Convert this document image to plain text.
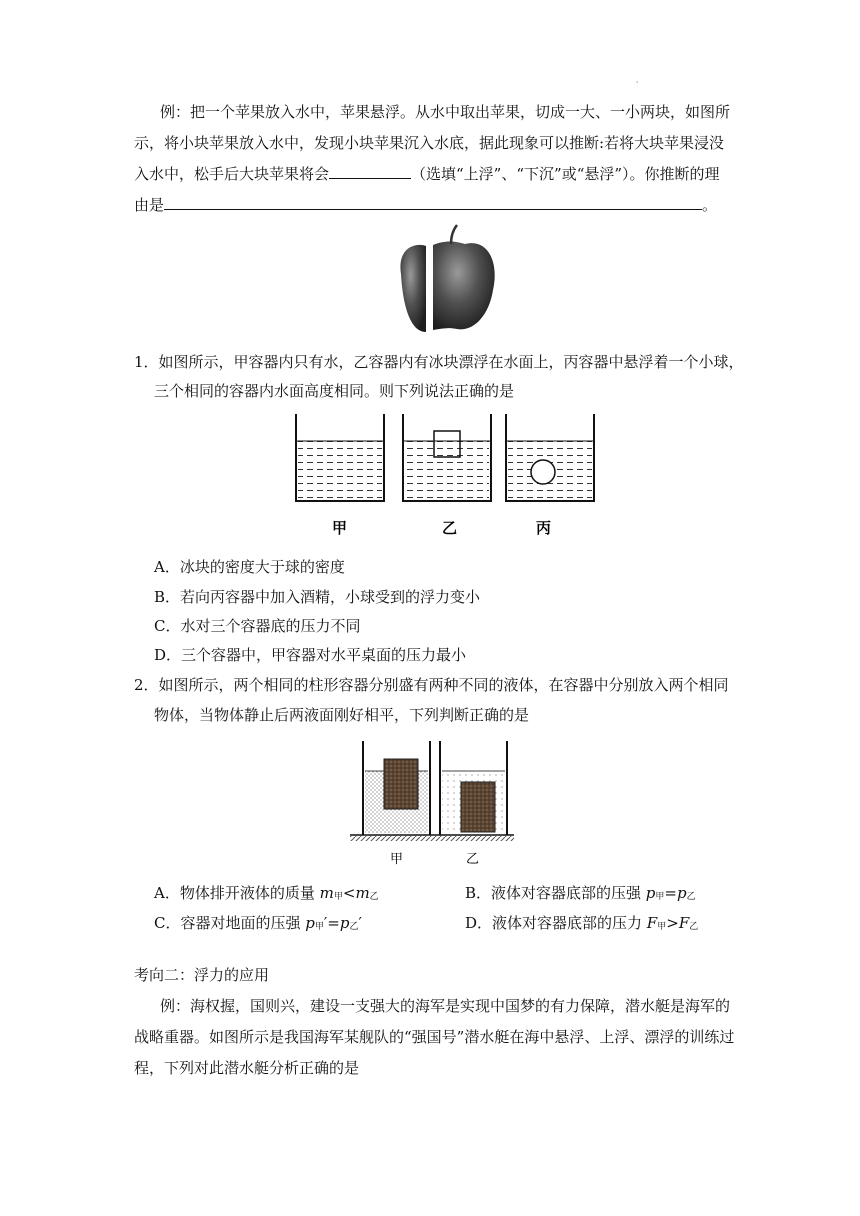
'
例：把一个苹果放入水中，苹果悬浮。从水中取出苹果，切成一大、一小两块，如图所
示，将小块苹果放入水中，发现小块苹果沉入水底，据此现象可以推断:若将大块苹果浸没
入水中，松手后大块苹果将会	（选填“上浮”、“下沉”或“悬浮”）。你推断的理
由是	。
1．如图所示，甲容器内只有水，乙容器内有冰块漂浮在水面上，丙容器中悬浮着一个小球，
三个相同的容器内水面高度相同。则下列说法正确的是
甲	乙	丙
A．冰块的密度大于球的密度
B．若向丙容器中加入酒精，小球受到的浮力变小
C．水对三个容器底的压力不同
D．三个容器中，甲容器对水平桌面的压力最小
2．如图所示，两个相同的柱形容器分别盛有两种不同的液体，在容器中分别放入两个相同
物体，当物体静止后两液面刚好相平，下列判断正确的是
甲	乙
A．物体排开液体的质量 m甲<m乙	B．液体对容器底部的压强 p甲=p乙
C．容器对地面的压强 p甲′=p乙′	D．液体对容器底部的压力 F甲>F乙
考向二：浮力的应用
例：海权握，国则兴，建设一支强大的海军是实现中国梦的有力保障，潜水艇是海军的
战略重器。如图所示是我国海军某舰队的“强国号”潜水艇在海中悬浮、上浮、漂浮的训练过
程，下列对此潜水艇分析正确的是
